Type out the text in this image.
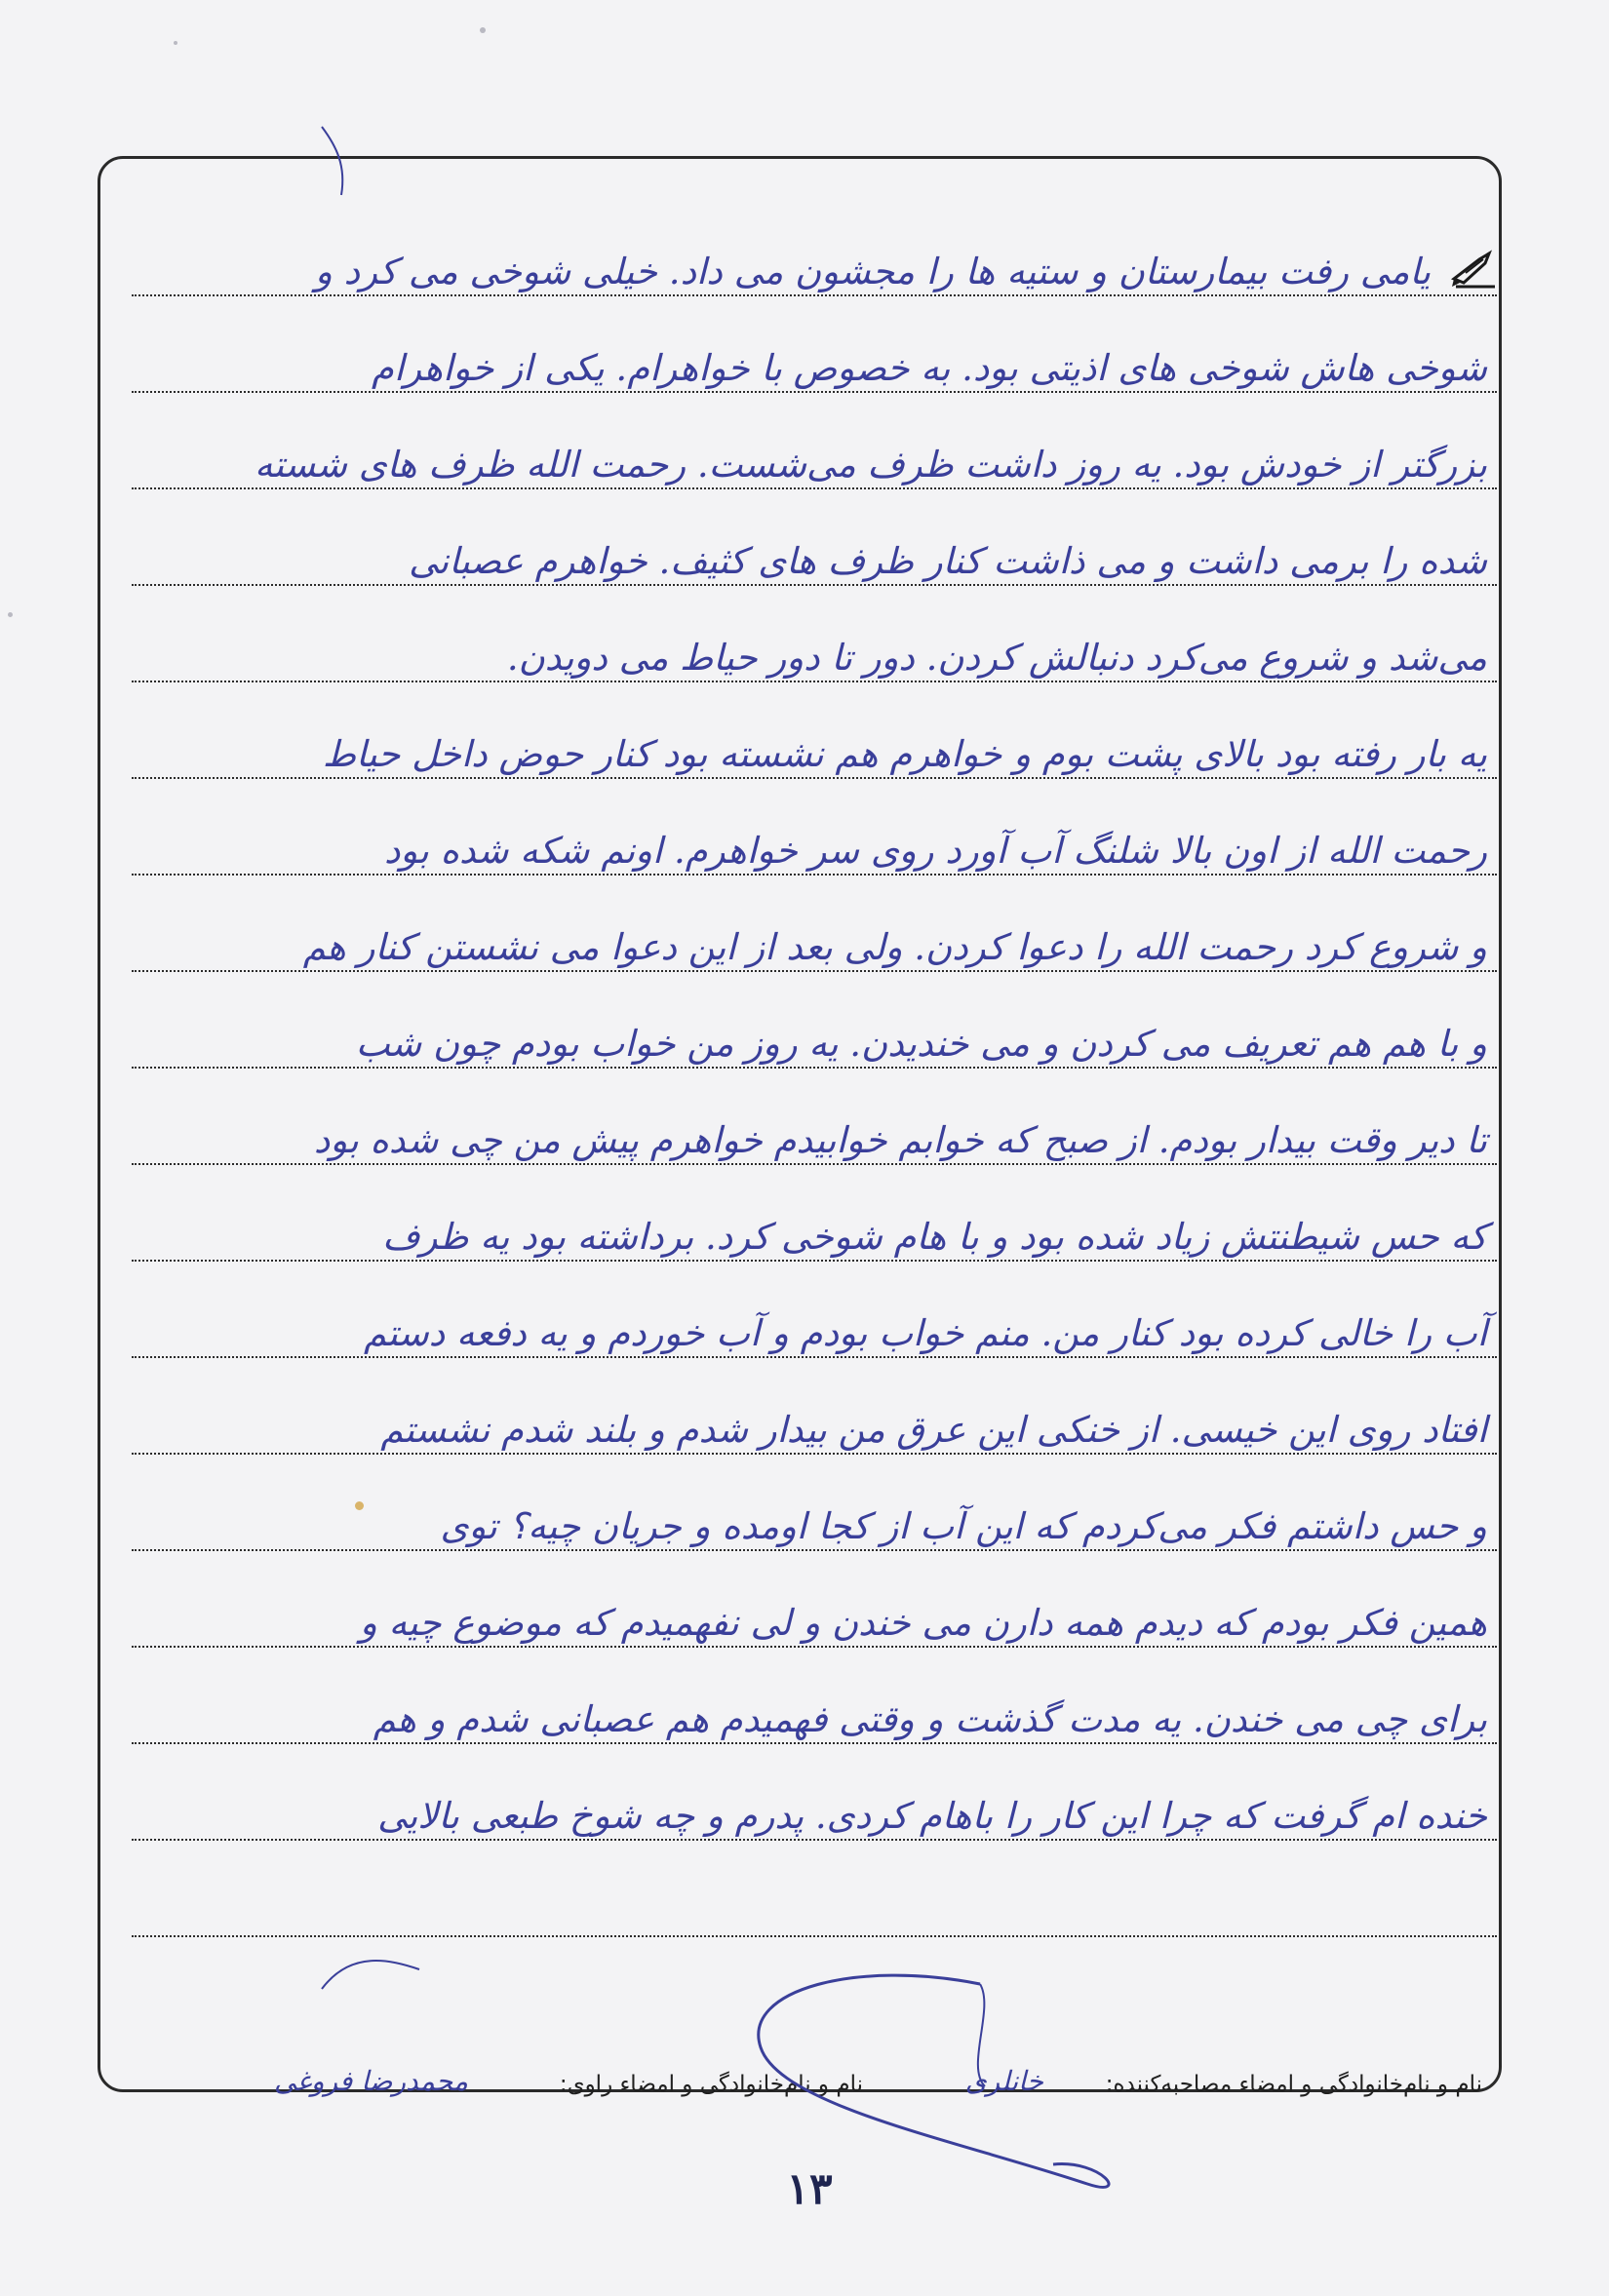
یامی رفت بیمارستان و ستیه ها را مجشون می داد. خیلی شوخی می کرد و
شوخی هاش شوخی های اذیتی بود. به خصوص با خواهرام. یکی از خواهرام
بزرگتر از خودش بود. یه روز داشت ظرف می‌شست. رحمت الله ظرف های شسته
شده را برمی داشت و می ذاشت کنار ظرف های کثیف. خواهرم عصبانی
می‌شد و شروع می‌کرد دنبالش کردن. دور تا دور حیاط می دویدن.
یه بار رفته بود بالای پشت بوم و خواهرم هم نشسته بود کنار حوض داخل حیاط
رحمت الله از اون بالا شلنگ آب آورد روی سر خواهرم. اونم شکه شده بود
و شروع کرد رحمت الله را دعوا کردن. ولی بعد از این دعوا می نشستن کنار هم
و با هم هم تعریف می کردن و می خندیدن. یه روز من خواب بودم چون شب
تا دیر وقت بیدار بودم. از صبح که خوابم خوابیدم خواهرم پیش من چی شده بود
که حس شیطنتش زیاد شده بود و با هام شوخی کرد. برداشته بود یه ظرف
آب را خالی کرده بود کنار من. منم خواب بودم و آب خوردم و یه دفعه دستم
افتاد روی این خیسی. از خنکی این عرق من بیدار شدم و بلند شدم نشستم
و حس داشتم فکر می‌کردم که این آب از کجا اومده و جریان چیه؟ توی
همین فکر بودم که دیدم همه دارن می خندن و لی نفهمیدم که موضوع چیه و
برای چی می خندن. یه مدت گذشت و وقتی فهمیدم هم عصبانی شدم و هم
خنده ام گرفت که چرا این کار را باهام کردی. پدرم و چه شوخ طبعی بالایی
نام و نام‌خانوادگی و امضاء مصاحبه‌کننده:
خانلری
نام و نام‌خانوادگی و امضاء راوی:
محمدرضا فروغی
۱۳
